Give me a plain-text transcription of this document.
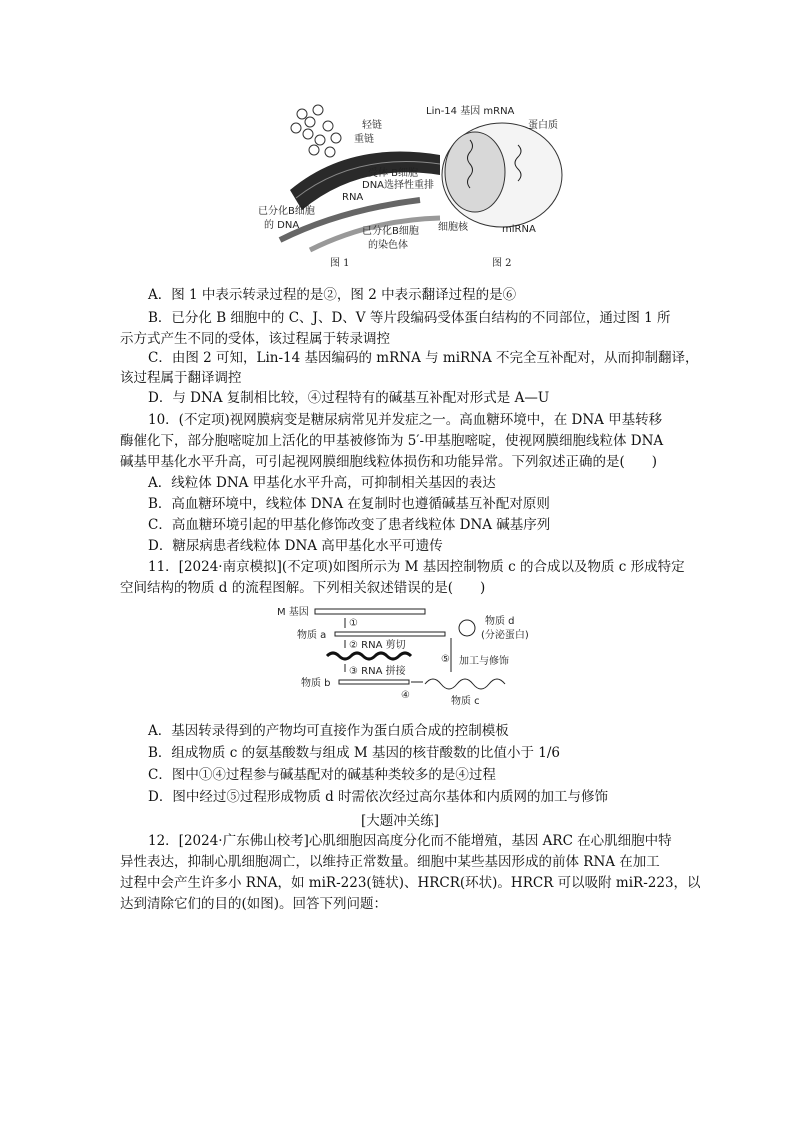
轻链
重链
受体 B细胞
DNA选择性重排
RNA
已分化B细胞
的 DNA
已分化B细胞
的染色体
图 1
Lin-14 基因 mRNA
蛋白质
细胞核	miRNA
图 2
A．图 1 中表示转录过程的是②，图 2 中表示翻译过程的是⑥
B．已分化 B 细胞中的 C、J、D、V 等片段编码受体蛋白结构的不同部位，通过图 1 所
示方式产生不同的受体，该过程属于转录调控
C．由图 2 可知，Lin-14 基因编码的 mRNA 与 miRNA 不完全互补配对，从而抑制翻译，
该过程属于翻译调控
D．与 DNA 复制相比较，④过程特有的碱基互补配对形式是 A—U
10．(不定项)视网膜病变是糖尿病常见并发症之一。高血糖环境中，在 DNA 甲基转移
酶催化下，部分胞嘧啶加上活化的甲基被修饰为 5′-甲基胞嘧啶，使视网膜细胞线粒体 DNA
碱基甲基化水平升高，可引起视网膜细胞线粒体损伤和功能异常。下列叙述正确的是(　　)
A．线粒体 DNA 甲基化水平升高，可抑制相关基因的表达
B．高血糖环境中，线粒体 DNA 在复制时也遵循碱基互补配对原则
C．高血糖环境引起的甲基化修饰改变了患者线粒体 DNA 碱基序列
D．糖尿病患者线粒体 DNA 高甲基化水平可遗传
11．[2024·南京模拟](不定项)如图所示为 M 基因控制物质 c 的合成以及物质 c 形成特定
空间结构的物质 d 的流程图解。下列相关叙述错误的是(　　)
M 基因
①
物质 a
② RNA 剪切
③ RNA 拼接
物质 b
④
物质 c
⑤ 加工与修饰
物质 d
(分泌蛋白)
A．基因转录得到的产物均可直接作为蛋白质合成的控制模板
B．组成物质 c 的氨基酸数与组成 M 基因的核苷酸数的比值小于 1/6
C．图中①④过程参与碱基配对的碱基种类较多的是④过程
D．图中经过⑤过程形成物质 d 时需依次经过高尔基体和内质网的加工与修饰
[大题冲关练]
12．[2024·广东佛山校考]心肌细胞因高度分化而不能增殖，基因 ARC 在心肌细胞中特
异性表达，抑制心肌细胞凋亡，以维持正常数量。细胞中某些基因形成的前体 RNA 在加工
过程中会产生许多小 RNA，如 miR-223(链状)、HRCR(环状)。HRCR 可以吸附 miR-223，以
达到清除它们的目的(如图)。回答下列问题：
